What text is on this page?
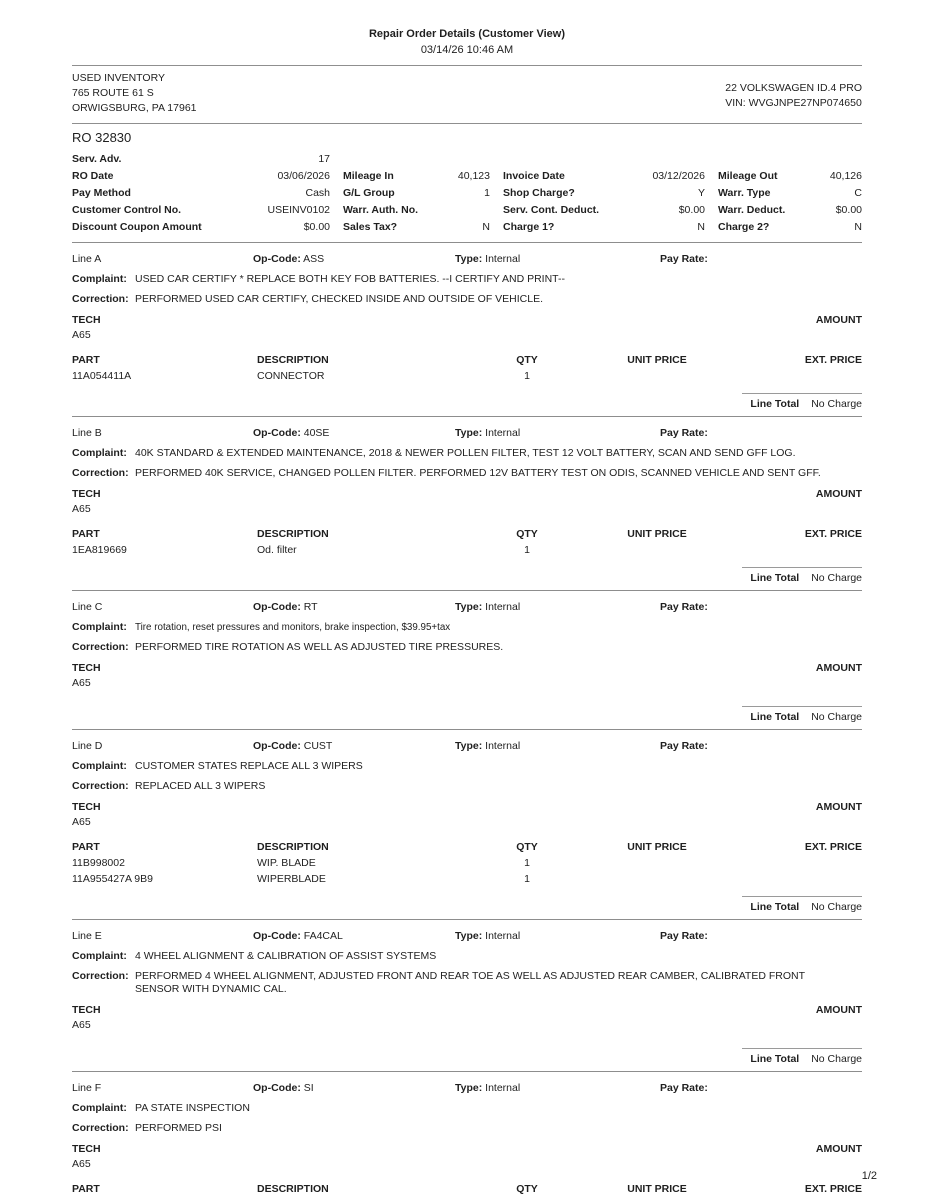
Repair Order Details (Customer View)
03/14/26 10:46 AM
USED INVENTORY
765 ROUTE 61 S
ORWIGSBURG, PA 17961
22 VOLKSWAGEN ID.4 PRO
VIN: WVGJNPE27NP074650
RO 32830
Serv. Adv.	17
RO Date	03/06/2026 Mileage In	40,123 Invoice Date	03/12/2026 Mileage Out	40,126
Pay Method	Cash G/L Group	1 Shop Charge?	Y Warr. Type	C
Customer Control No.	USEINV0102 Warr. Auth. No.	Serv. Cont. Deduct.	$0.00 Warr. Deduct.	$0.00
Discount Coupon Amount	$0.00 Sales Tax?	N Charge 1?	N Charge 2?	N
Line A	Op-Code: ASS	Type: Internal	Pay Rate:
Complaint: USED CAR CERTIFY * REPLACE BOTH KEY FOB BATTERIES. --I CERTIFY AND PRINT--
Correction: PERFORMED USED CAR CERTIFY, CHECKED INSIDE AND OUTSIDE OF VEHICLE.
TECH	AMOUNT
A65
PART	DESCRIPTION	QTY	UNIT PRICE	EXT. PRICE
11A054411A	CONNECTOR	1
Line Total No Charge
Line B	Op-Code: 40SE	Type: Internal	Pay Rate:
Complaint: 40K STANDARD & EXTENDED MAINTENANCE, 2018 & NEWER POLLEN FILTER, TEST 12 VOLT BATTERY, SCAN AND SEND GFF LOG.
Correction: PERFORMED 40K SERVICE, CHANGED POLLEN FILTER. PERFORMED 12V BATTERY TEST ON ODIS, SCANNED VEHICLE AND SENT GFF.
TECH	AMOUNT
A65
PART	DESCRIPTION	QTY	UNIT PRICE	EXT. PRICE
1EA819669	Od. filter	1
Line Total No Charge
Line C	Op-Code: RT	Type: Internal	Pay Rate:
Complaint: Tire rotation, reset pressures and monitors, brake inspection, $39.95+tax
Correction: PERFORMED TIRE ROTATION AS WELL AS ADJUSTED TIRE PRESSURES.
TECH	AMOUNT
A65
Line Total No Charge
Line D	Op-Code: CUST	Type: Internal	Pay Rate:
Complaint: CUSTOMER STATES REPLACE ALL 3 WIPERS
Correction: REPLACED ALL 3 WIPERS
TECH	AMOUNT
A65
PART	DESCRIPTION	QTY	UNIT PRICE	EXT. PRICE
11B998002	WIP. BLADE	1
11A955427A 9B9	WIPERBLADE	1
Line Total No Charge
Line E	Op-Code: FA4CAL	Type: Internal	Pay Rate:
Complaint: 4 WHEEL ALIGNMENT & CALIBRATION OF ASSIST SYSTEMS
Correction: PERFORMED 4 WHEEL ALIGNMENT, ADJUSTED FRONT AND REAR TOE AS WELL AS ADJUSTED REAR CAMBER, CALIBRATED FRONT SENSOR WITH DYNAMIC CAL.
TECH	AMOUNT
A65
Line Total No Charge
Line F	Op-Code: SI	Type: Internal	Pay Rate:
Complaint: PA STATE INSPECTION
Correction: PERFORMED PSI
TECH	AMOUNT
A65
PART	DESCRIPTION	QTY	UNIT PRICE	EXT. PRICE
1/2
